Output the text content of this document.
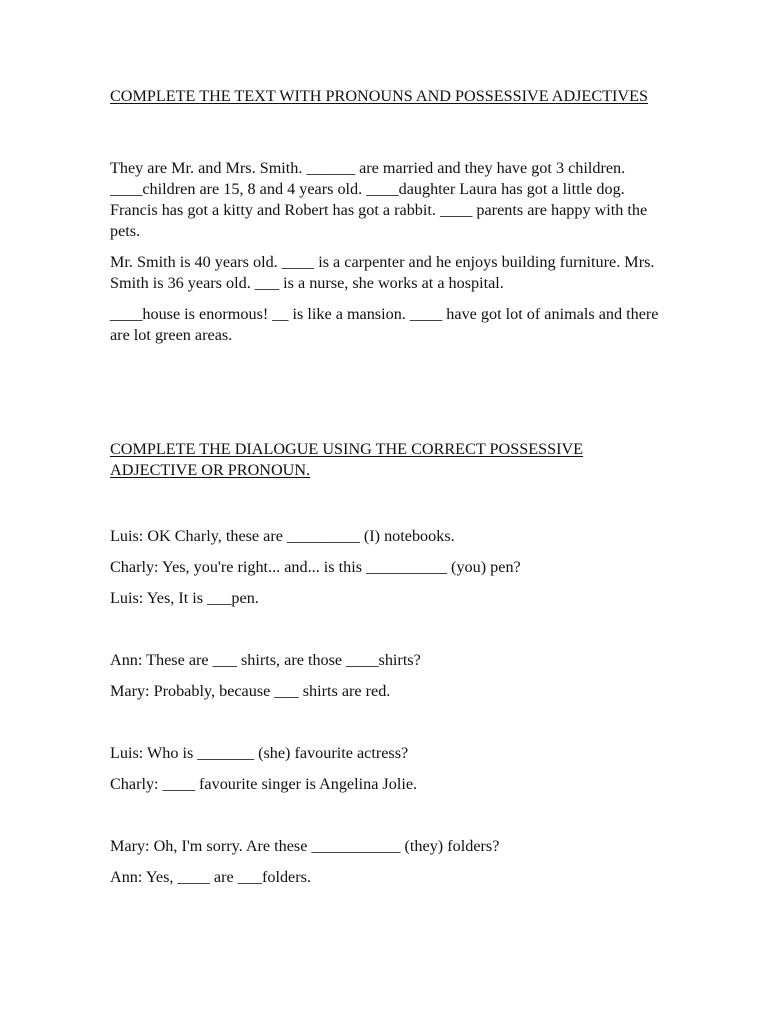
COMPLETE THE TEXT WITH PRONOUNS AND POSSESSIVE ADJECTIVES

They are Mr. and Mrs. Smith. ______ are married and they have got 3 children. ____children are 15, 8 and 4 years old. ____daughter Laura has got a little dog. Francis has got a kitty and Robert has got a rabbit. ____ parents are happy with the pets.

Mr. Smith is 40 years old. ____ is a carpenter and he enjoys building furniture. Mrs. Smith is 36 years old. ___ is a nurse, she works at a hospital.

____house is enormous! __ is like a mansion. ____ have got lot of animals and there are lot green areas.

COMPLETE THE DIALOGUE USING THE CORRECT POSSESSIVE ADJECTIVE OR PRONOUN.

Luis: OK Charly, these are _________ (I) notebooks.

Charly: Yes, you're right... and... is this __________ (you) pen?

Luis: Yes, It is ___pen.

Ann: These are ___ shirts, are those ____shirts?

Mary: Probably, because ___ shirts are red.

Luis: Who is _______ (she) favourite actress?

Charly: ____ favourite singer is Angelina Jolie.

Mary: Oh, I'm sorry. Are these ___________ (they) folders?

Ann: Yes, ____ are ___folders.
